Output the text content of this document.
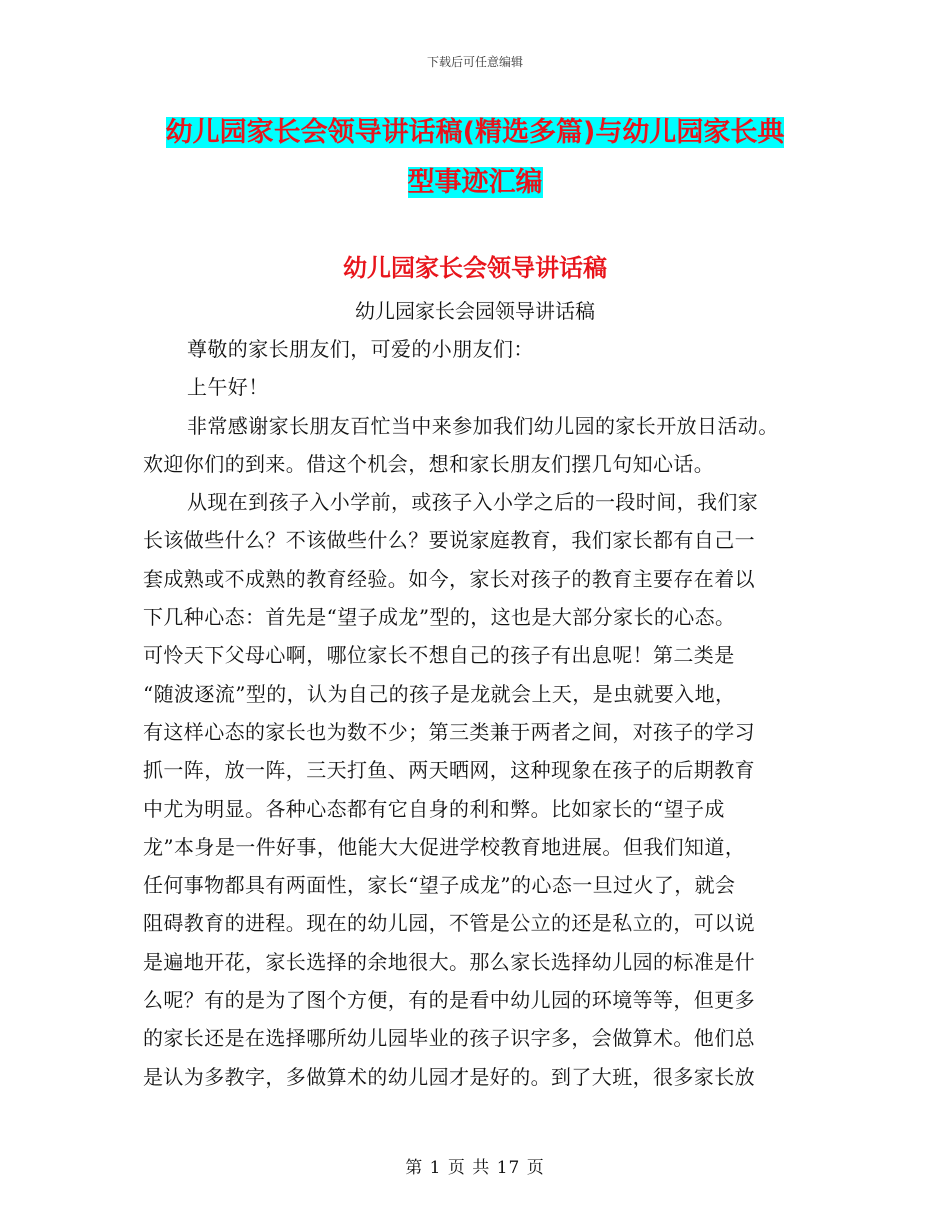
下载后可任意编辑
幼儿园家长会领导讲话稿(精选多篇)与幼儿园家长典
型事迹汇编
幼儿园家长会领导讲话稿
幼儿园家长会园领导讲话稿
尊敬的家长朋友们，可爱的小朋友们：
上午好！
非常感谢家长朋友百忙当中来参加我们幼儿园的家长开放日活动。
欢迎你们的到来。借这个机会，想和家长朋友们摆几句知心话。
从现在到孩子入小学前，或孩子入小学之后的一段时间，我们家
长该做些什么？不该做些什么？要说家庭教育，我们家长都有自己一
套成熟或不成熟的教育经验。如今，家长对孩子的教育主要存在着以
下几种心态：首先是“望子成龙”型的，这也是大部分家长的心态。
可怜天下父母心啊，哪位家长不想自己的孩子有出息呢！第二类是
“随波逐流”型的，认为自己的孩子是龙就会上天，是虫就要入地，
有这样心态的家长也为数不少；第三类兼于两者之间，对孩子的学习
抓一阵，放一阵，三天打鱼、两天晒网，这种现象在孩子的后期教育
中尤为明显。各种心态都有它自身的利和弊。比如家长的“望子成
龙”本身是一件好事，他能大大促进学校教育地进展。但我们知道，
任何事物都具有两面性，家长“望子成龙”的心态一旦过火了，就会
阻碍教育的进程。现在的幼儿园，不管是公立的还是私立的，可以说
是遍地开花，家长选择的余地很大。那么家长选择幼儿园的标准是什
么呢？有的是为了图个方便，有的是看中幼儿园的环境等等，但更多
的家长还是在选择哪所幼儿园毕业的孩子识字多，会做算术。他们总
是认为多教字，多做算术的幼儿园才是好的。到了大班，很多家长放
第 1 页 共 17 页
